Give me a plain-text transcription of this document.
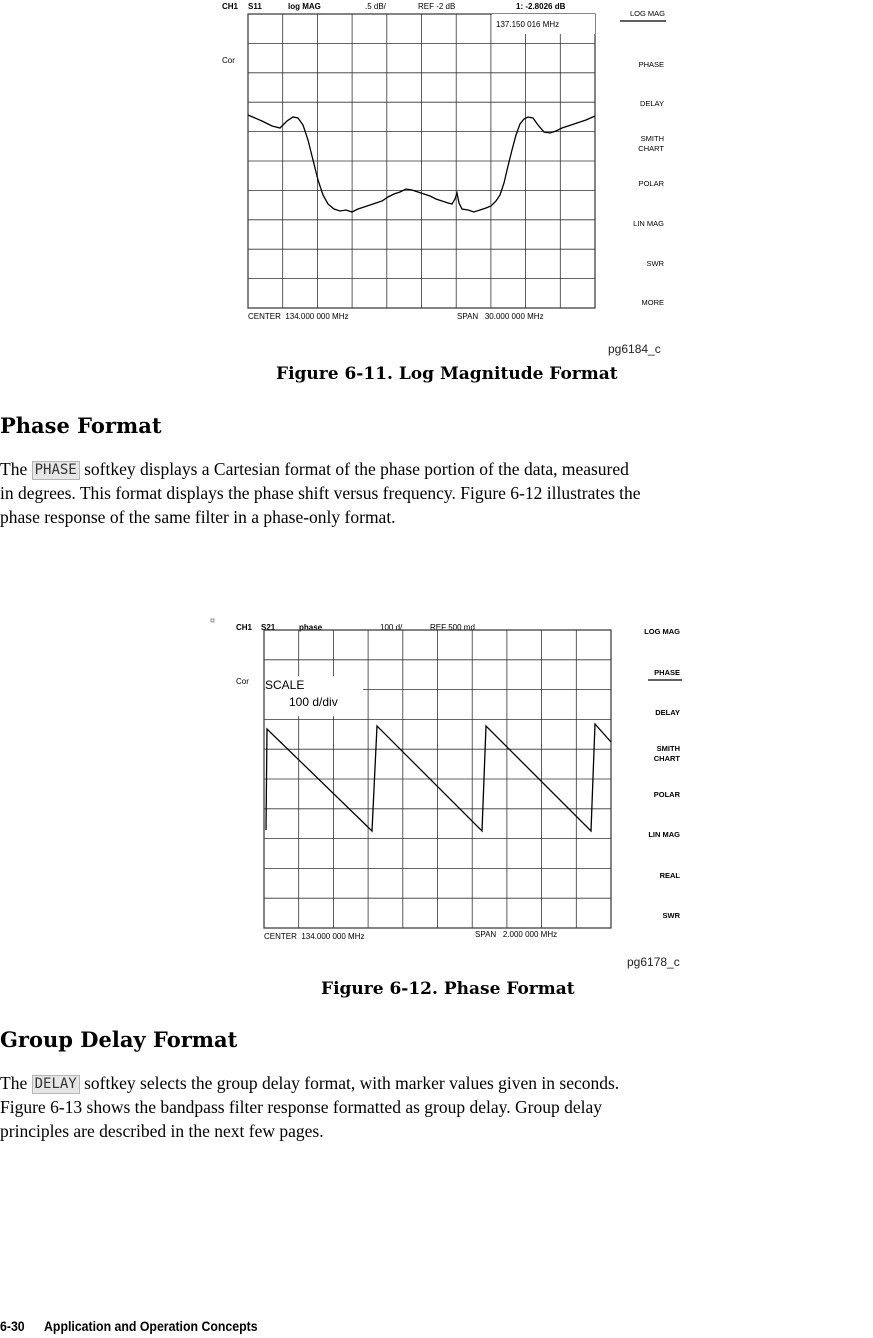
CH1 S11	log MAG	.5 dB/	REF -2 dB	1: -2.8026 dB
Cor
137.150 016 MHz
CENTER  134.000 000 MHz	SPAN   30.000 000 MHz
LOG MAG
PHASE
DELAY
SMITH
CHART
POLAR
LIN MAG
SWR
MORE
pg6184_c
Figure 6-11. Log Magnitude Format
Phase Format
The PHASE softkey displays a Cartesian format of the phase portion of the data, measured
in degrees. This format displays the phase shift versus frequency. Figure 6-12 illustrates the
phase response of the same filter in a phase-only format.
CH1 S21	phase	100 d/	REF 500 md
Cor SCALE
100 d/div
CENTER  134.000 000 MHz	SPAN   2.000 000 MHz
LOG MAG
PHASE
DELAY
SMITH
CHART
POLAR
LIN MAG
REAL
SWR
pg6178_c
Figure 6-12. Phase Format
Group Delay Format
The DELAY softkey selects the group delay format, with marker values given in seconds.
Figure 6-13 shows the bandpass filter response formatted as group delay. Group delay
principles are described in the next few pages.
6-30 Application and Operation Concepts
